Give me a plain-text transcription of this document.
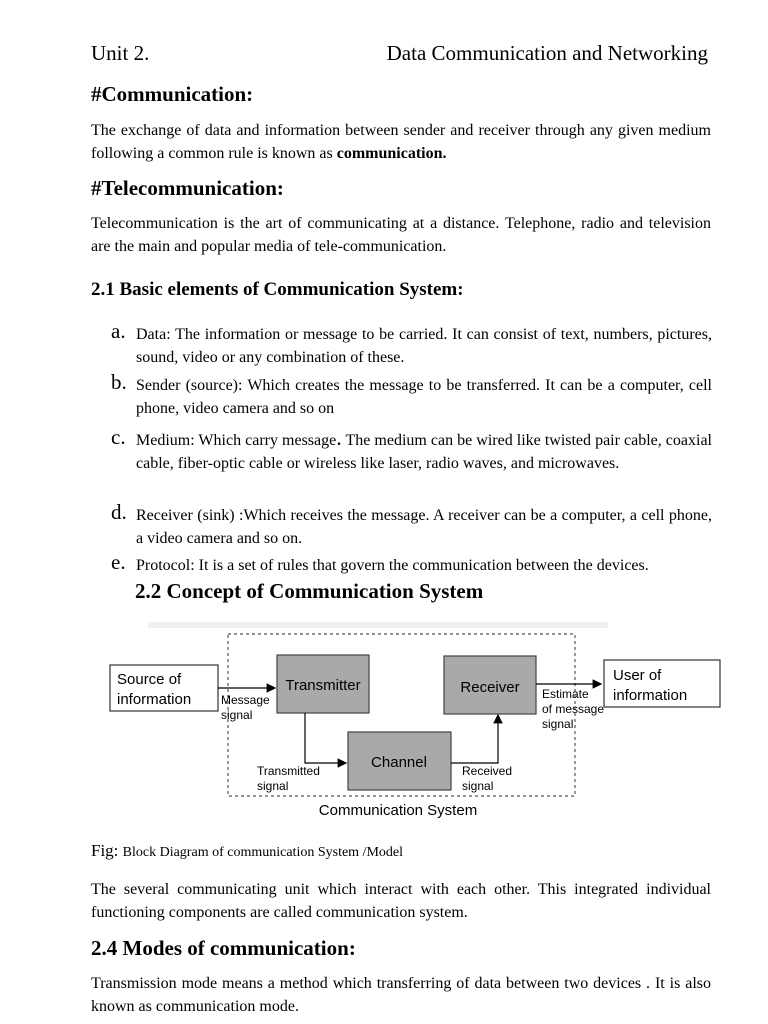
Unit 2.	Data Communication and Networking
#Communication:

The exchange of data and information between sender and receiver through any given medium following a common rule is known as communication.

#Telecommunication:

Telecommunication is the art of communicating at a distance. Telephone, radio and television are the main and popular media of tele-communication.

2.1 Basic elements of Communication System:
a. Data: The information or message to be carried. It can consist of text, numbers, pictures, sound, video or any combination of these.
b. Sender (source): Which creates the message to be transferred. It can be a computer, cell phone, video camera and so on
c. Medium: Which carry message. The medium can be wired like twisted pair cable, coaxial cable, fiber-optic cable or wireless like laser, radio waves, and microwaves.
d. Receiver (sink) :Which receives the message. A receiver can be a computer, a cell phone, a video camera and so on.
e. Protocol: It is a set of rules that govern the communication between the devices.
2.2 Concept of Communication System
Source of
information Message
signal
Transmitter
Channel
Transmitted
signal
Received
signal
Receiver Estimate
of message
signal
User of
information
Communication System
Fig: Block Diagram of communication System /Model

The several communicating unit which interact with each other. This integrated individual functioning components are called communication system.

2.4 Modes of communication:

Transmission mode means a method which transferring of data between two devices . It is also known as communication mode.
